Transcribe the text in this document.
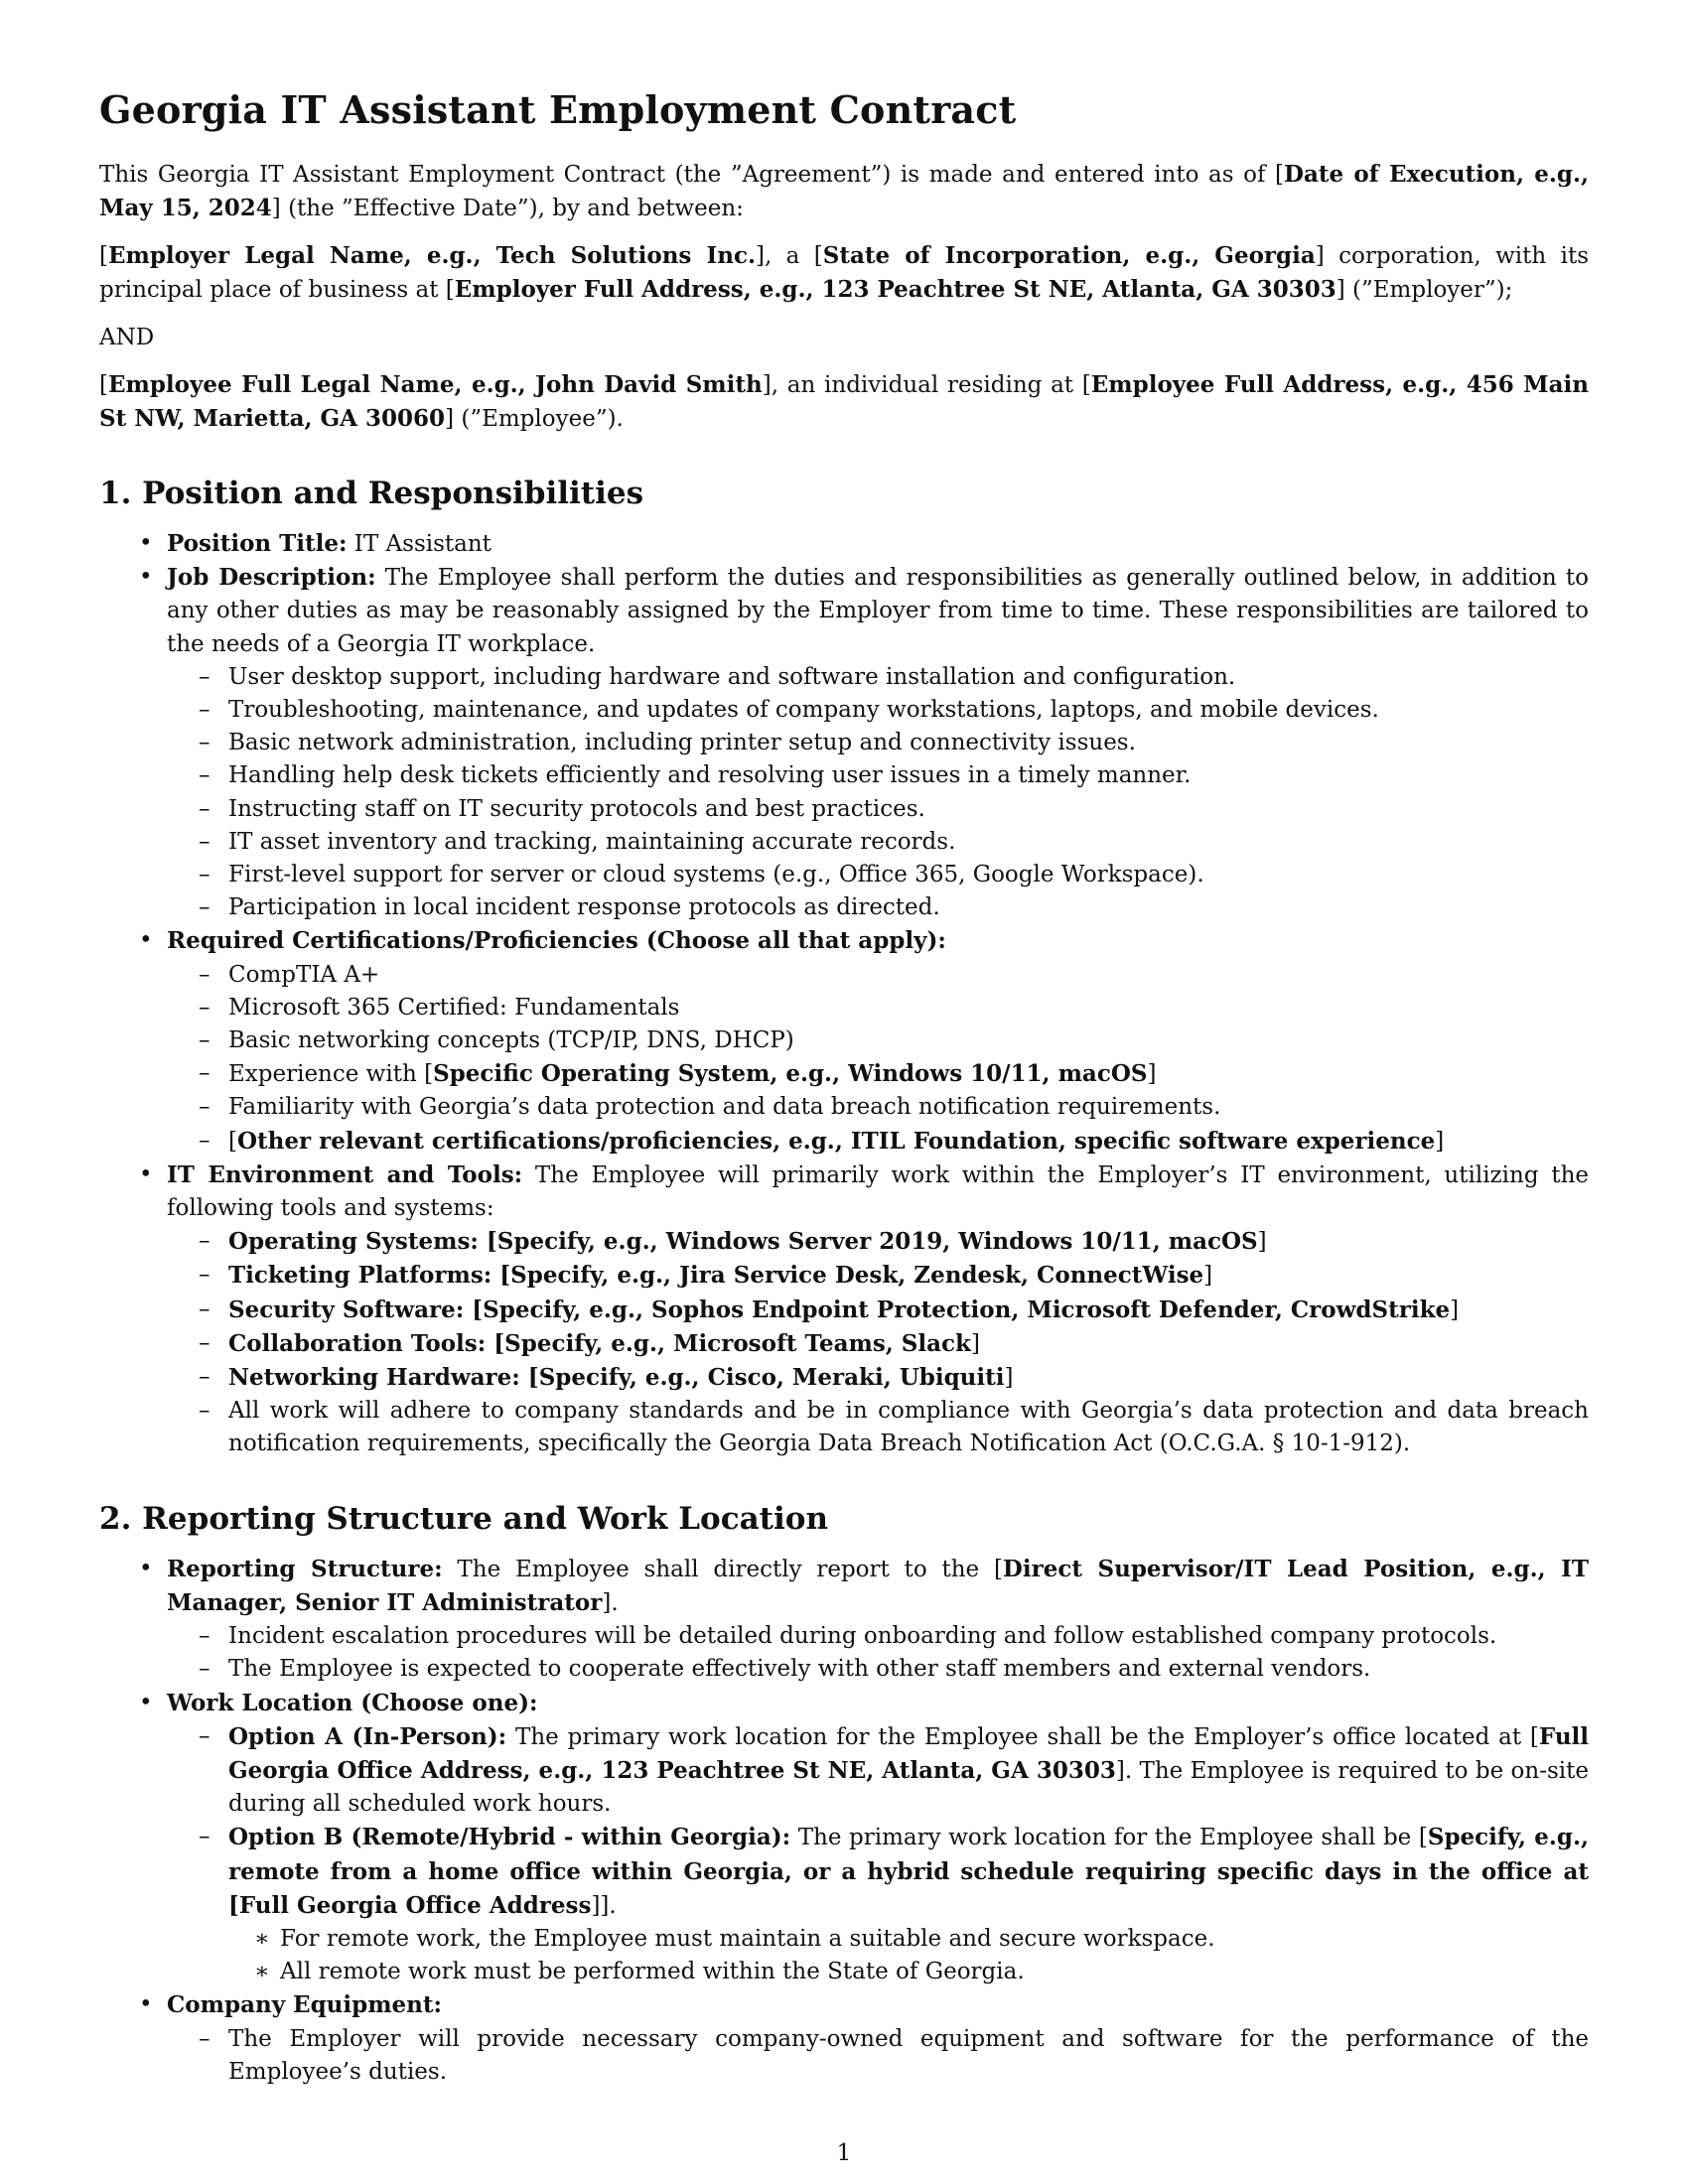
Georgia IT Assistant Employment Contract

This Georgia IT Assistant Employment Contract (the ”Agreement”) is made and entered into as of [Date of Execution, e.g., May 15, 2024] (the ”Effective Date”), by and between:

[Employer Legal Name, e.g., Tech Solutions Inc.], a [State of Incorporation, e.g., Georgia] corporation, with its principal place of business at [Employer Full Address, e.g., 123 Peachtree St NE, Atlanta, GA 30303] (”Employer”);

AND

[Employee Full Legal Name, e.g., John David Smith], an individual residing at [Employee Full Address, e.g., 456 Main St NW, Marietta, GA 30060] (”Employee”).

1. Position and Responsibilities
• Position Title: IT Assistant
• Job Description: The Employee shall perform the duties and responsibilities as generally outlined below, in addition to any other duties as may be reasonably assigned by the Employer from time to time. These responsibilities are tailored to the needs of a Georgia IT workplace.
– User desktop support, including hardware and software installation and configuration.
– Troubleshooting, maintenance, and updates of company workstations, laptops, and mobile devices.
– Basic network administration, including printer setup and connectivity issues.
– Handling help desk tickets efficiently and resolving user issues in a timely manner.
– Instructing staff on IT security protocols and best practices.
– IT asset inventory and tracking, maintaining accurate records.
– First-level support for server or cloud systems (e.g., Office 365, Google Workspace).
– Participation in local incident response protocols as directed.
• Required Certifications/Proficiencies (Choose all that apply):
– CompTIA A+
– Microsoft 365 Certified: Fundamentals
– Basic networking concepts (TCP/IP, DNS, DHCP)
– Experience with [Specific Operating System, e.g., Windows 10/11, macOS]
– Familiarity with Georgia’s data protection and data breach notification requirements.
– [Other relevant certifications/proficiencies, e.g., ITIL Foundation, specific software experience]
• IT Environment and Tools: The Employee will primarily work within the Employer’s IT environment, utilizing the following tools and systems:
– Operating Systems: [Specify, e.g., Windows Server 2019, Windows 10/11, macOS]
– Ticketing Platforms: [Specify, e.g., Jira Service Desk, Zendesk, ConnectWise]
– Security Software: [Specify, e.g., Sophos Endpoint Protection, Microsoft Defender, CrowdStrike]
– Collaboration Tools: [Specify, e.g., Microsoft Teams, Slack]
– Networking Hardware: [Specify, e.g., Cisco, Meraki, Ubiquiti]
– All work will adhere to company standards and be in compliance with Georgia’s data protection and data breach notification requirements, specifically the Georgia Data Breach Notification Act (O.C.G.A. § 10-1-912).
2. Reporting Structure and Work Location
• Reporting Structure: The Employee shall directly report to the [Direct Supervisor/IT Lead Position, e.g., IT Manager, Senior IT Administrator].
– Incident escalation procedures will be detailed during onboarding and follow established company protocols.
– The Employee is expected to cooperate effectively with other staff members and external vendors.
• Work Location (Choose one):
– Option A (In-Person): The primary work location for the Employee shall be the Employer’s office located at [Full Georgia Office Address, e.g., 123 Peachtree St NE, Atlanta, GA 30303]. The Employee is required to be on-site during all scheduled work hours.
– Option B (Remote/Hybrid - within Georgia): The primary work location for the Employee shall be [Specify, e.g., remote from a home office within Georgia, or a hybrid schedule requiring specific days in the office at [Full Georgia Office Address]].
∗ For remote work, the Employee must maintain a suitable and secure workspace.
∗ All remote work must be performed within the State of Georgia.
• Company Equipment:
– The Employer will provide necessary company-owned equipment and software for the performance of the Employee’s duties.
1
